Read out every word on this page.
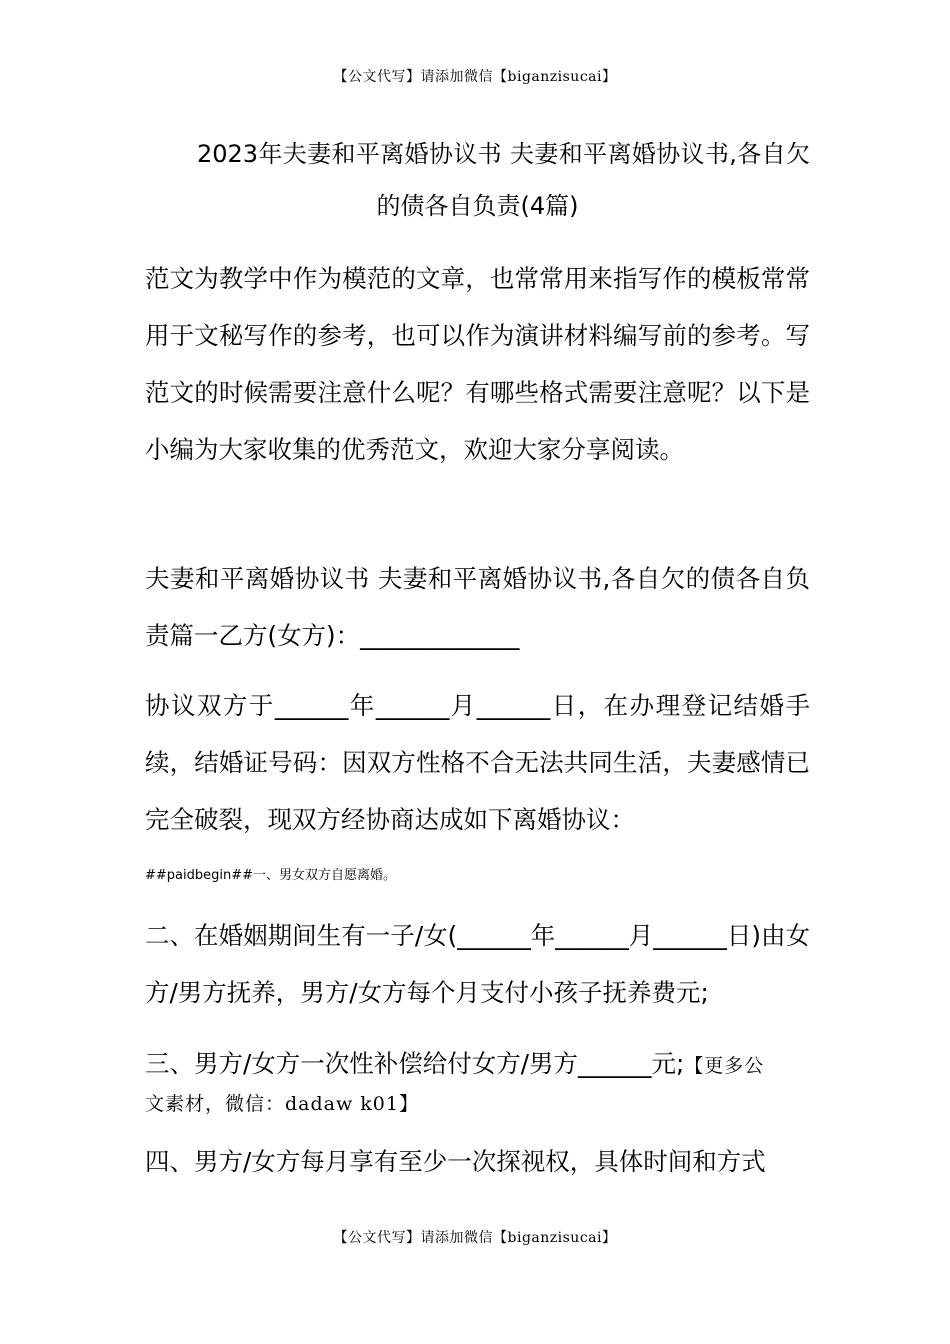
【公文代写】请添加微信【biganzisucai】
2023年夫妻和平离婚协议书 夫妻和平离婚协议书,各自欠的债各自负责(4篇)
范文为教学中作为模范的文章，也常常用来指写作的模板常常用于文秘写作的参考，也可以作为演讲材料编写前的参考。写范文的时候需要注意什么呢？有哪些格式需要注意呢？以下是小编为大家收集的优秀范文，欢迎大家分享阅读。
夫妻和平离婚协议书 夫妻和平离婚协议书,各自欠的债各自负责篇一乙方(女方)：_____________
协议双方于______年______月______日，在办理登记结婚手续，结婚证号码：因双方性格不合无法共同生活，夫妻感情已完全破裂，现双方经协商达成如下离婚协议：
##paidbegin##一、男女双方自愿离婚。
二、在婚姻期间生有一子/女(______年______月______日)由女方/男方抚养，男方/女方每个月支付小孩子抚养费元;
三、男方/女方一次性补偿给付女方/男方______元;【更多公
文素材，微信：dadaw k01】
四、男方/女方每月享有至少一次探视权，具体时间和方式
【公文代写】请添加微信【biganzisucai】
